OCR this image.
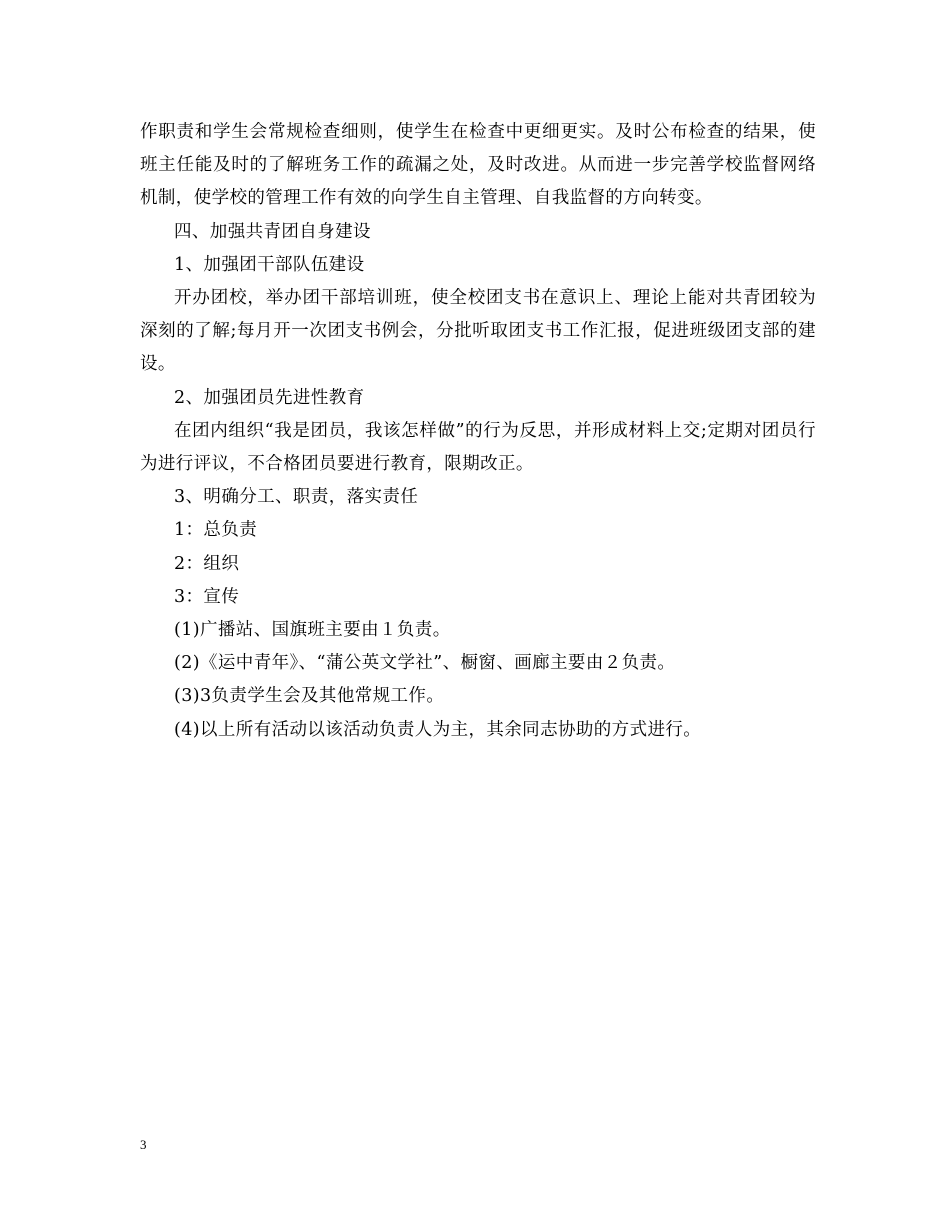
作职责和学生会常规检查细则，使学生在检查中更细更实。及时公布检查的结果，使班主任能及时的了解班务工作的疏漏之处，及时改进。从而进一步完善学校监督网络机制，使学校的管理工作有效的向学生自主管理、自我监督的方向转变。

四、加强共青团自身建设

1、加强团干部队伍建设

开办团校，举办团干部培训班，使全校团支书在意识上、理论上能对共青团较为深刻的了解;每月开一次团支书例会，分批听取团支书工作汇报，促进班级团支部的建设。

2、加强团员先进性教育

在团内组织“我是团员，我该怎样做”的行为反思，并形成材料上交;定期对团员行为进行评议，不合格团员要进行教育，限期改正。

3、明确分工、职责，落实责任

1：总负责

2：组织

3：宣传

(1)广播站、国旗班主要由１负责。

(2)《运中青年》、“蒲公英文学社”、橱窗、画廊主要由２负责。

(3)3负责学生会及其他常规工作。

(4)以上所有活动以该活动负责人为主，其余同志协助的方式进行。

3
